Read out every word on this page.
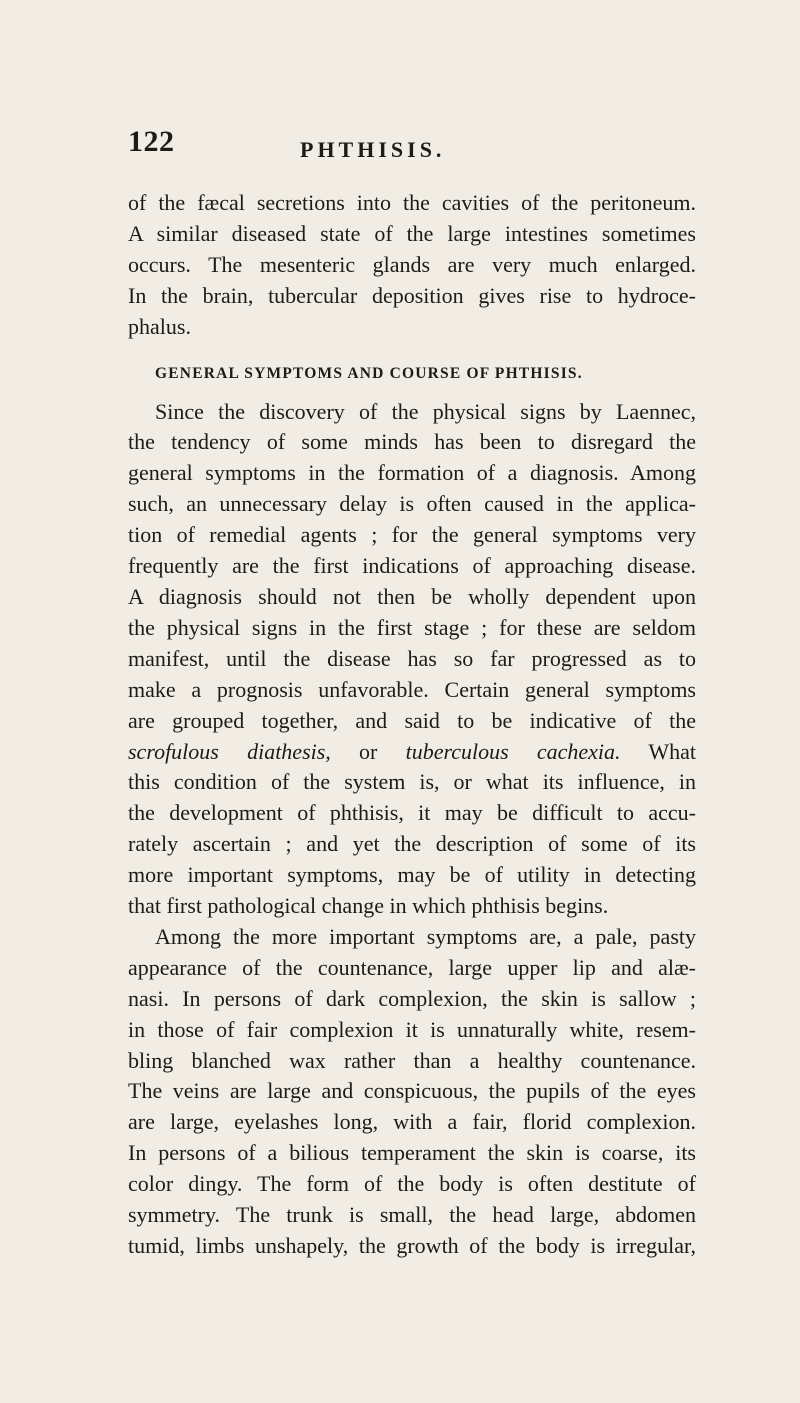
122	PHTHISIS.
of the fæcal secretions into the cavities of the peritoneum.
A similar diseased state of the large intestines sometimes
occurs. The mesenteric glands are very much enlarged.
In the brain, tubercular deposition gives rise to hydroce-
phalus.
GENERAL SYMPTOMS AND COURSE OF PHTHISIS.
Since the discovery of the physical signs by Laennec,
the tendency of some minds has been to disregard the
general symptoms in the formation of a diagnosis. Among
such, an unnecessary delay is often caused in the applica-
tion of remedial agents ; for the general symptoms very
frequently are the first indications of approaching disease.
A diagnosis should not then be wholly dependent upon
the physical signs in the first stage ; for these are seldom
manifest, until the disease has so far progressed as to
make a prognosis unfavorable. Certain general symptoms
are grouped together, and said to be indicative of the
scrofulous diathesis, or tuberculous cachexia. What
this condition of the system is, or what its influence, in
the development of phthisis, it may be difficult to accu-
rately ascertain ; and yet the description of some of its
more important symptoms, may be of utility in detecting
that first pathological change in which phthisis begins.
Among the more important symptoms are, a pale, pasty
appearance of the countenance, large upper lip and alæ-
nasi. In persons of dark complexion, the skin is sallow ;
in those of fair complexion it is unnaturally white, resem-
bling blanched wax rather than a healthy countenance.
The veins are large and conspicuous, the pupils of the eyes
are large, eyelashes long, with a fair, florid complexion.
In persons of a bilious temperament the skin is coarse, its
color dingy. The form of the body is often destitute of
symmetry. The trunk is small, the head large, abdomen
tumid, limbs unshapely, the growth of the body is irregular,
